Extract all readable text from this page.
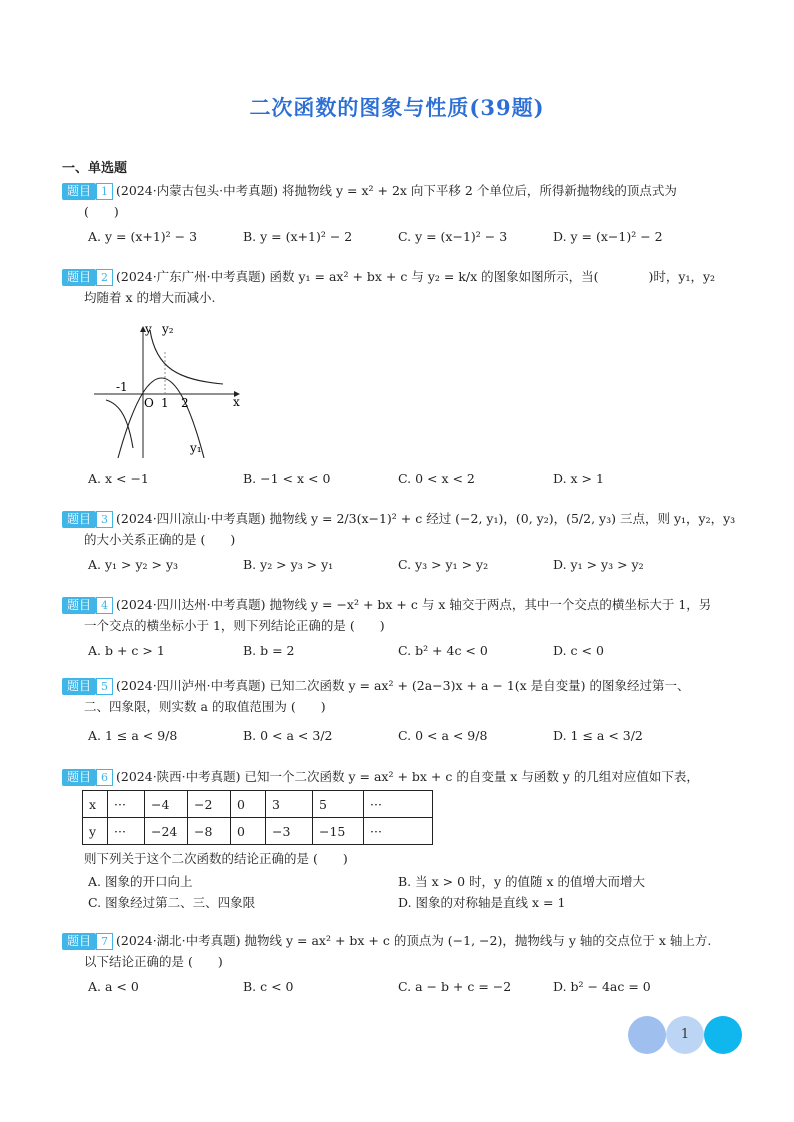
二次函数的图象与性质(39题)
一、单选题
题目 1 (2024·内蒙古包头·中考真题) 将抛物线 y = x² + 2x 向下平移 2 个单位后，所得新抛物线的顶点式为
(　　)
A. y = (x+1)² − 3	B. y = (x+1)² − 2	C. y = (x−1)² − 3	D. y = (x−1)² − 2
题目 2 (2024·广东广州·中考真题) 函数 y₁ = ax² + bx + c 与 y₂ = k/x 的图象如图所示，当(　　　　)时，y₁，y₂
均随着 x 的增大而减小.
y y₂
x
O 1 2
-1
y₁
A. x < −1	B. −1 < x < 0	C. 0 < x < 2	D. x > 1
题目 3 (2024·四川凉山·中考真题) 抛物线 y = 2/3(x−1)² + c 经过 (−2, y₁)，(0, y₂)，(5/2, y₃) 三点，则 y₁，y₂，y₃
的大小关系正确的是 (　　)
A. y₁ > y₂ > y₃	B. y₂ > y₃ > y₁	C. y₃ > y₁ > y₂	D. y₁ > y₃ > y₂
题目 4 (2024·四川达州·中考真题) 抛物线 y = −x² + bx + c 与 x 轴交于两点，其中一个交点的横坐标大于 1，另
一个交点的横坐标小于 1，则下列结论正确的是 (　　)
A. b + c > 1	B. b = 2	C. b² + 4c < 0	D. c < 0
题目 5 (2024·四川泸州·中考真题) 已知二次函数 y = ax² + (2a−3)x + a − 1(x 是自变量) 的图象经过第一、
二、四象限，则实数 a 的取值范围为 (　　)
A. 1 ≤ a < 9/8	B. 0 < a < 3/2	C. 0 < a < 9/8	D. 1 ≤ a < 3/2
题目 6 (2024·陕西·中考真题) 已知一个二次函数 y = ax² + bx + c 的自变量 x 与函数 y 的几组对应值如下表，
x	···	−4	−2	0	3	5	···
y	···	−24	−8	0	−3	−15	···
则下列关于这个二次函数的结论正确的是 (　　)
A. 图象的开口向上	B. 当 x > 0 时，y 的值随 x 的值增大而增大
C. 图象经过第二、三、四象限	D. 图象的对称轴是直线 x = 1
题目 7 (2024·湖北·中考真题) 抛物线 y = ax² + bx + c 的顶点为 (−1, −2)，抛物线与 y 轴的交点位于 x 轴上方.
以下结论正确的是 (　　)
A. a < 0	B. c < 0	C. a − b + c = −2	D. b² − 4ac = 0
1
